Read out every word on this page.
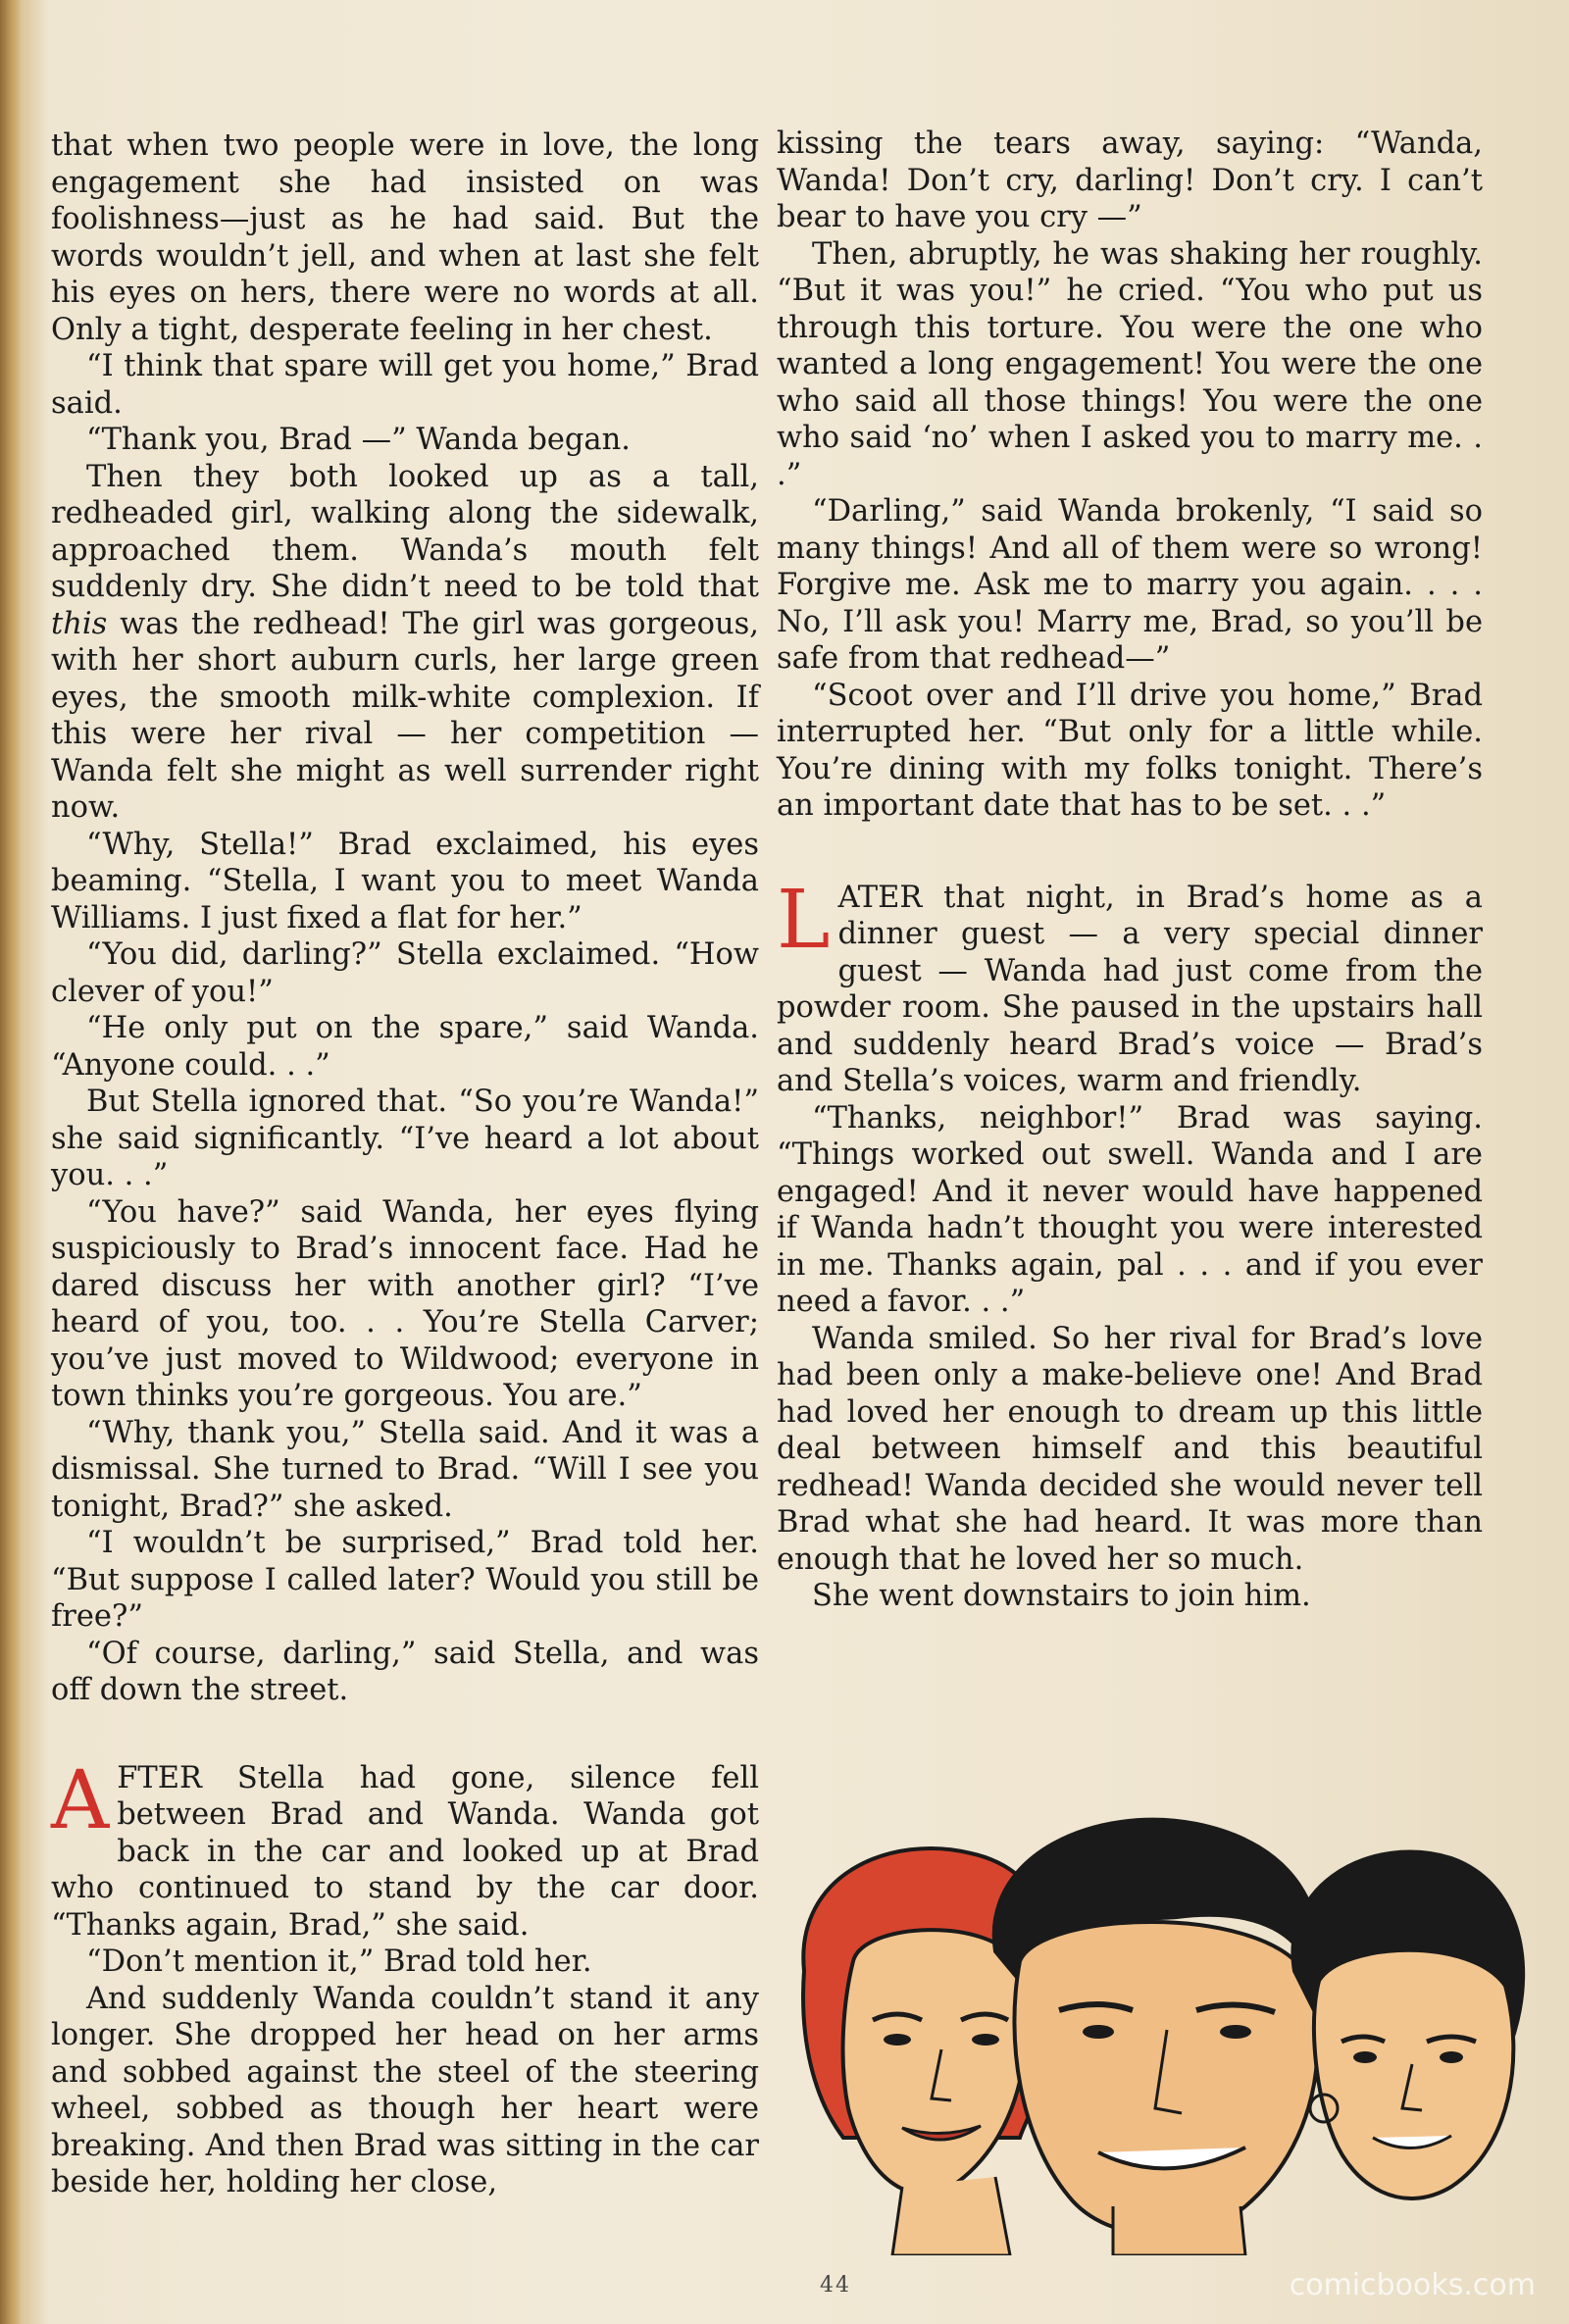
that when two people were in love, the long engagement she had insisted on was foolishness—just as he had said. But the words wouldn’t jell, and when at last she felt his eyes on hers, there were no words at all. Only a tight, desperate feeling in her chest.

“I think that spare will get you home,” Brad said.

“Thank you, Brad —” Wanda began.

Then they both looked up as a tall, redheaded girl, walking along the sidewalk, approached them. Wanda’s mouth felt suddenly dry. She didn’t need to be told that this was the redhead! The girl was gorgeous, with her short auburn curls, her large green eyes, the smooth milk-white complexion. If this were her rival — her competition — Wanda felt she might as well surrender right now.

“Why, Stella!” Brad exclaimed, his eyes beaming. “Stella, I want you to meet Wanda Williams. I just fixed a flat for her.”

“You did, darling?” Stella exclaimed. “How clever of you!”

“He only put on the spare,” said Wanda. “Anyone could. . .”

But Stella ignored that. “So you’re Wanda!” she said significantly. “I’ve heard a lot about you. . .”

“You have?” said Wanda, her eyes flying suspiciously to Brad’s innocent face. Had he dared discuss her with another girl? “I’ve heard of you, too. . . You’re Stella Carver; you’ve just moved to Wildwood; everyone in town thinks you’re gorgeous. You are.”

“Why, thank you,” Stella said. And it was a dismissal. She turned to Brad. “Will I see you tonight, Brad?” she asked.

“I wouldn’t be surprised,” Brad told her. “But suppose I called later? Would you still be free?”

“Of course, darling,” said Stella, and was off down the street.

AFTER Stella had gone, silence fell between Brad and Wanda. Wanda got back in the car and looked up at Brad who continued to stand by the car door. “Thanks again, Brad,” she said.

“Don’t mention it,” Brad told her.

And suddenly Wanda couldn’t stand it any longer. She dropped her head on her arms and sobbed against the steel of the steering wheel, sobbed as though her heart were breaking. And then Brad was sitting in the car beside her, holding her close,

kissing the tears away, saying: “Wanda, Wanda! Don’t cry, darling! Don’t cry. I can’t bear to have you cry —”

Then, abruptly, he was shaking her roughly. “But it was you!” he cried. “You who put us through this torture. You were the one who wanted a long engagement! You were the one who said all those things! You were the one who said ‘no’ when I asked you to marry me. . .”

“Darling,” said Wanda brokenly, “I said so many things! And all of them were so wrong! Forgive me. Ask me to marry you again. . . . No, I’ll ask you! Marry me, Brad, so you’ll be safe from that redhead—”

“Scoot over and I’ll drive you home,” Brad interrupted her. “But only for a little while. You’re dining with my folks tonight. There’s an important date that has to be set. . .”

LATER that night, in Brad’s home as a dinner guest — a very special dinner guest — Wanda had just come from the powder room. She paused in the upstairs hall and suddenly heard Brad’s voice — Brad’s and Stella’s voices, warm and friendly.

“Thanks, neighbor!” Brad was saying. “Things worked out swell. Wanda and I are engaged! And it never would have happened if Wanda hadn’t thought you were interested in me. Thanks again, pal . . . and if you ever need a favor. . .”

Wanda smiled. So her rival for Brad’s love had been only a make-believe one! And Brad had loved her enough to dream up this little deal between himself and this beautiful redhead! Wanda decided she would never tell Brad what she had heard. It was more than enough that he loved her so much.

She went downstairs to join him.

44	comicbooks.com
